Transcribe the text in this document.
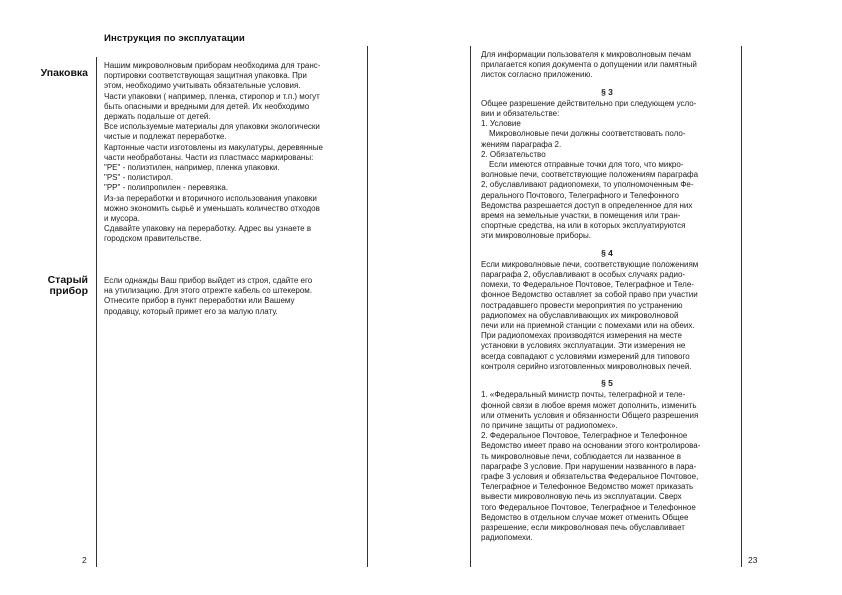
Инструкция по эксплуатации
Упаковка

Нашим микроволновым приборам необходима для транс-

портировки соответствующая защитная упаковка. При

этом, необходимо учитывать обязательные условия.

Части упаковки ( например, пленка, стиропор и т.п.) могут

быть опасными и вредными для детей. Их необходимо

держать подальше от детей.

Все используемые материалы для упаковки экологически

чистые и подлежат переработке.

Картонные части изготовлены из макулатуры, деревянные

части необработаны. Части из пластмасс маркированы:

"PE" - полиэтилен, например, пленка упаковки.

"PS" - полистирол.

"PP" - полипропилен - перевязка.

Из-за переработки и вторичного использования упаковки

можно экономить сырьё и уменьшать количество отходов

и мусора.

Сдавайте упаковку на переработку. Адрес вы узнаете в

городском правительстве.

Старый
прибор

Если однажды Ваш прибор выйдет из строя, сдайте его

на утилизацию. Для этого отрежте кабель со штекером.

Отнесите прибор в пункт переработки или Вашему

продавцу, который примет его за малую плату.

2

Для информации пользователя к микроволновым печам

прилагается копия документа о допущении или памятный

листок согласно приложению.

§ 3

Общее разрешение действительно при следующем усло-

вии и обязательстве:

1. Условие

Микроволновые печи должны соответствовать поло-

жениям параграфа 2.

2. Обязательство

Если имеются отправные точки для того, что микро-

волновые печи, соответствующие положениям параграфа

2, обуславливают радиопомехи, то уполномоченным Фе-

дерального Почтового, Телеграфного и Телефонного

Ведомства разрешается доступ в определенное для них

время на земельные участки, в помещения или тран-

спортные средства, на или в которых эксплуатируются

эти микроволновые приборы.

§ 4

Если микроволновые печи, соответствующие положениям

параграфа 2, обуславливают в особых случаях радио-

помехи, то Федеральное Почтовое, Телеграфное и Теле-

фонное Ведомство оставляет за собой право при участии

пострадавшего провести мероприятия по устранению

радиопомех на обуславливающих их микроволновой

печи или на приемной станции с помехами или на обеих.

При радиопомехах производятся измерения на месте

установки в условиях эксплуатации. Эти измерения не

всегда совпадают с условиями измерений для типового

контроля серийно изготовленных микроволновых печей.

§ 5

1. «Федеральный министр почты, телеграфной и теле-

фонной связи в любое время может дополнить, изменить

или отменить условия и обязанности Общего разрешения

по причине защиты от радиопомех».

2. Федеральное Почтовое, Телеграфное и Телефонное

Ведомство имеет право на основании этого контролирова-

ть микроволновые печи, соблюдается ли названное в

параграфе 3 условие. При нарушении названного в пара-

графе 3 условия и обязательства Федеральное Почтовое,

Телеграфное и Телефонное Ведомство может приказать

вывести микроволновую печь из эксплуатации. Сверх

того Федеральное Почтовое, Телеграфное и Телефонное

Ведомство в отдельном случае может отменить Общее

разрешение, если микроволновая печь обуславливает

радиопомехи.

23
